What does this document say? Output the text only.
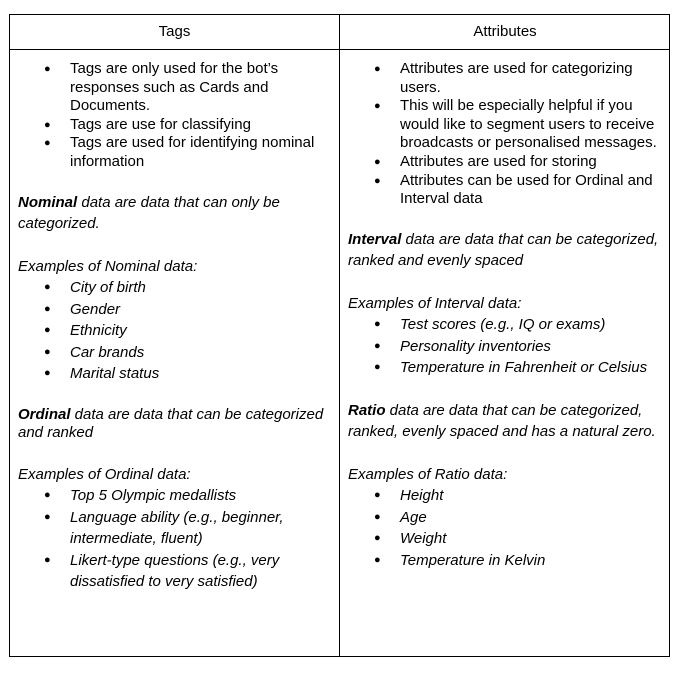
Tags	Attributes
● Tags are only used for the bot’s responses such as Cards and Documents.
● Tags are use for classifying
● Tags are used for identifying nominal information

Nominal data are data that can only be categorized.

Examples of Nominal data:

● City of birth
● Gender
● Ethnicity
● Car brands
● Marital status

Ordinal data are data that can be categorized and ranked

Examples of Ordinal data:

● Top 5 Olympic medallists
● Language ability (e.g., beginner, intermediate, fluent)
● Likert-type questions (e.g., very dissatisfied to very satisfied)
● Attributes are used for categorizing users.
● This will be especially helpful if you would like to segment users to receive broadcasts or personalised messages.
● Attributes are used for storing
● Attributes can be used for Ordinal and Interval data

Interval data are data that can be categorized, ranked and evenly spaced

Examples of Interval data:

● Test scores (e.g., IQ or exams)
● Personality inventories
● Temperature in Fahrenheit or Celsius

Ratio data are data that can be categorized, ranked, evenly spaced and has a natural zero.

Examples of Ratio data:

● Height
● Age
● Weight
● Temperature in Kelvin
